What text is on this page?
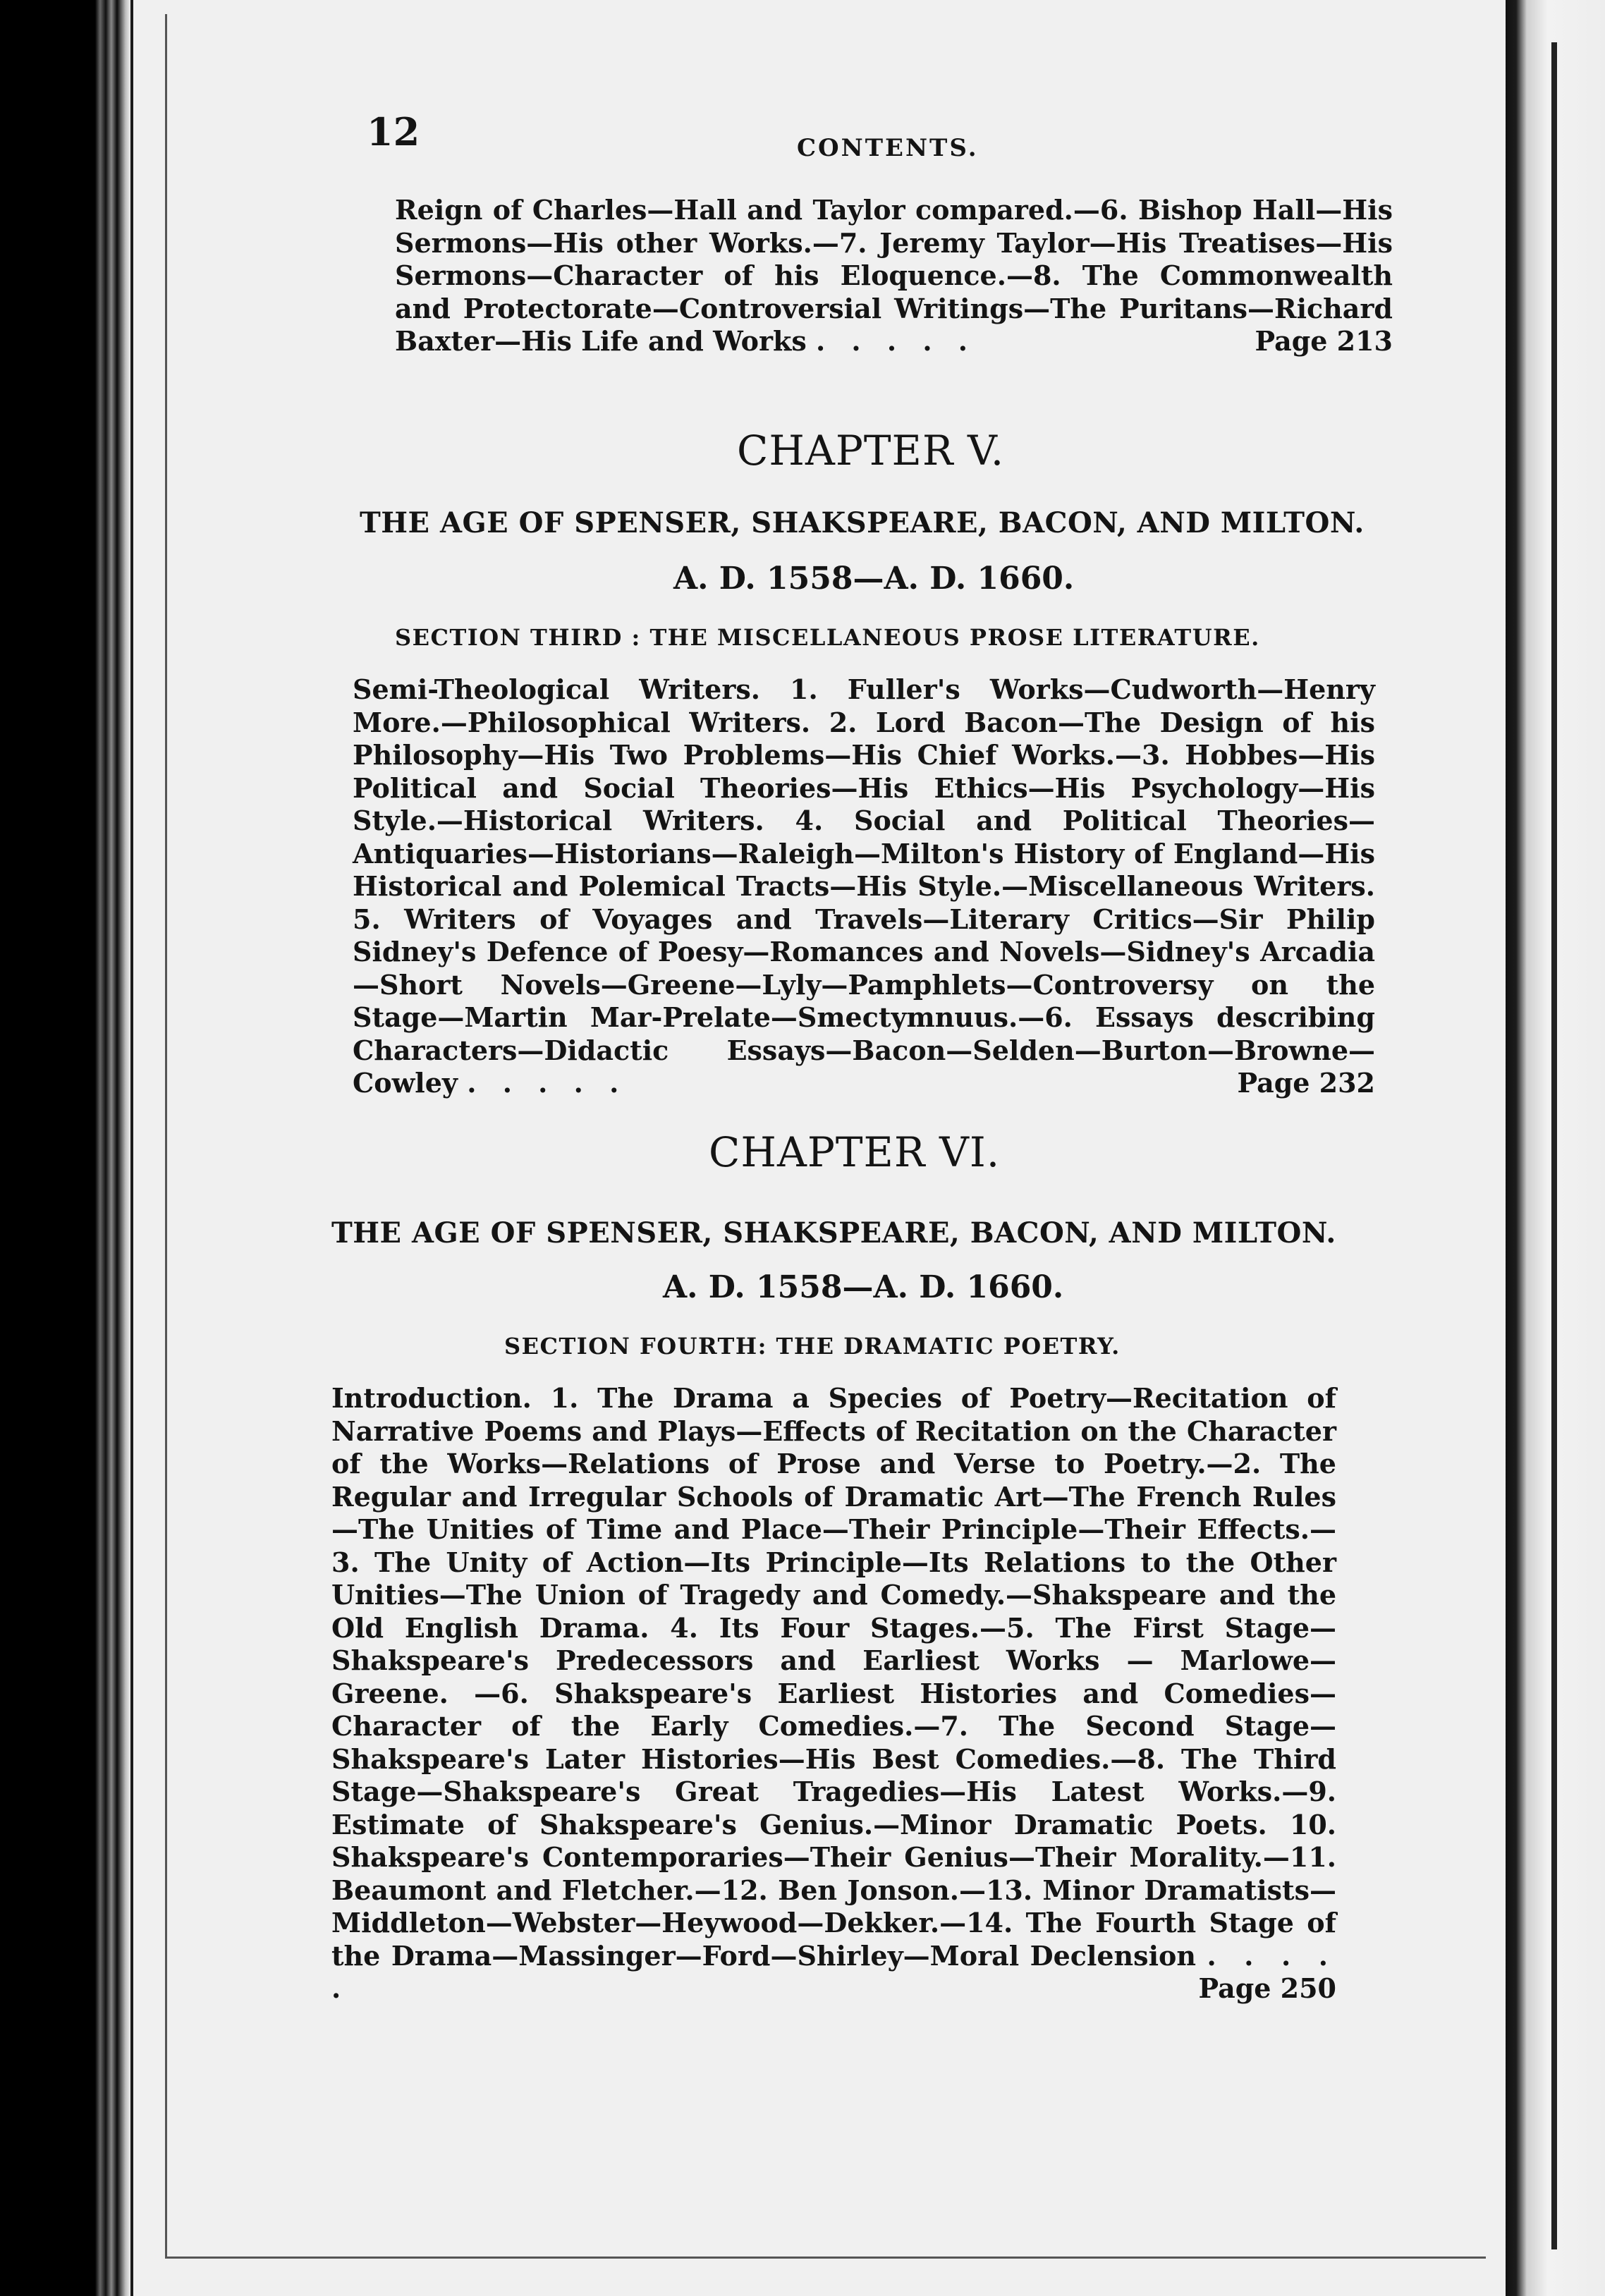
12	CONTENTS.
Reign of Charles—Hall and Taylor compared.—6. Bishop Hall—His Sermons—His other Works.—7. Jeremy Taylor—His Treatises—His Sermons—Character of his Eloquence.—8. The Commonwealth and Protectorate—Controversial Writings—The Puritans—Richard Baxter—His Life and Works . . . . .	Page 213
CHAPTER V.
THE AGE OF SPENSER, SHAKSPEARE, BACON, AND MILTON.
A. D. 1558—A. D. 1660.
SECTION THIRD : THE MISCELLANEOUS PROSE LITERATURE.
Semi-Theological Writers. 1. Fuller's Works—Cudworth—Henry More.—Philosophical Writers. 2. Lord Bacon—The Design of his Philosophy—His Two Problems—His Chief Works.—3. Hobbes—His Political and Social Theories—His Ethics—His Psychology—His Style.—Historical Writers. 4. Social and Political Theories—Antiquaries—Historians—Raleigh—Milton's History of England—His Historical and Polemical Tracts—His Style.—Miscellaneous Writers. 5. Writers of Voyages and Travels—Literary Critics—Sir Philip Sidney's Defence of Poesy—Romances and Novels—Sidney's Arcadia—Short Novels—Greene—Lyly—Pamphlets—Controversy on the Stage—Martin Mar-Prelate—Smectymnuus.—6. Essays describing Characters—Didactic Essays—Bacon—Selden—Burton—Browne—Cowley . . . . .	Page 232
CHAPTER VI.
THE AGE OF SPENSER, SHAKSPEARE, BACON, AND MILTON.
A. D. 1558—A. D. 1660.
SECTION FOURTH: THE DRAMATIC POETRY.
Introduction. 1. The Drama a Species of Poetry—Recitation of Narrative Poems and Plays—Effects of Recitation on the Character of the Works—Relations of Prose and Verse to Poetry.—2. The Regular and Irregular Schools of Dramatic Art—The French Rules—The Unities of Time and Place—Their Principle—Their Effects.—3. The Unity of Action—Its Principle—Its Relations to the Other Unities—The Union of Tragedy and Comedy.—Shakspeare and the Old English Drama. 4. Its Four Stages.—5. The First Stage—Shakspeare's Predecessors and Earliest Works — Marlowe—Greene. —6. Shakspeare's Earliest Histories and Comedies—Character of the Early Comedies.—7. The Second Stage—Shakspeare's Later Histories—His Best Comedies.—8. The Third Stage—Shakspeare's Great Tragedies—His Latest Works.—9. Estimate of Shakspeare's Genius.—Minor Dramatic Poets. 10. Shakspeare's Contemporaries—Their Genius—Their Morality.—11. Beaumont and Fletcher.—12. Ben Jonson.—13. Minor Dramatists—Middleton—Webster—Heywood—Dekker.—14. The Fourth Stage of the Drama—Massinger—Ford—Shirley—Moral Declension . . . . .	Page 250
